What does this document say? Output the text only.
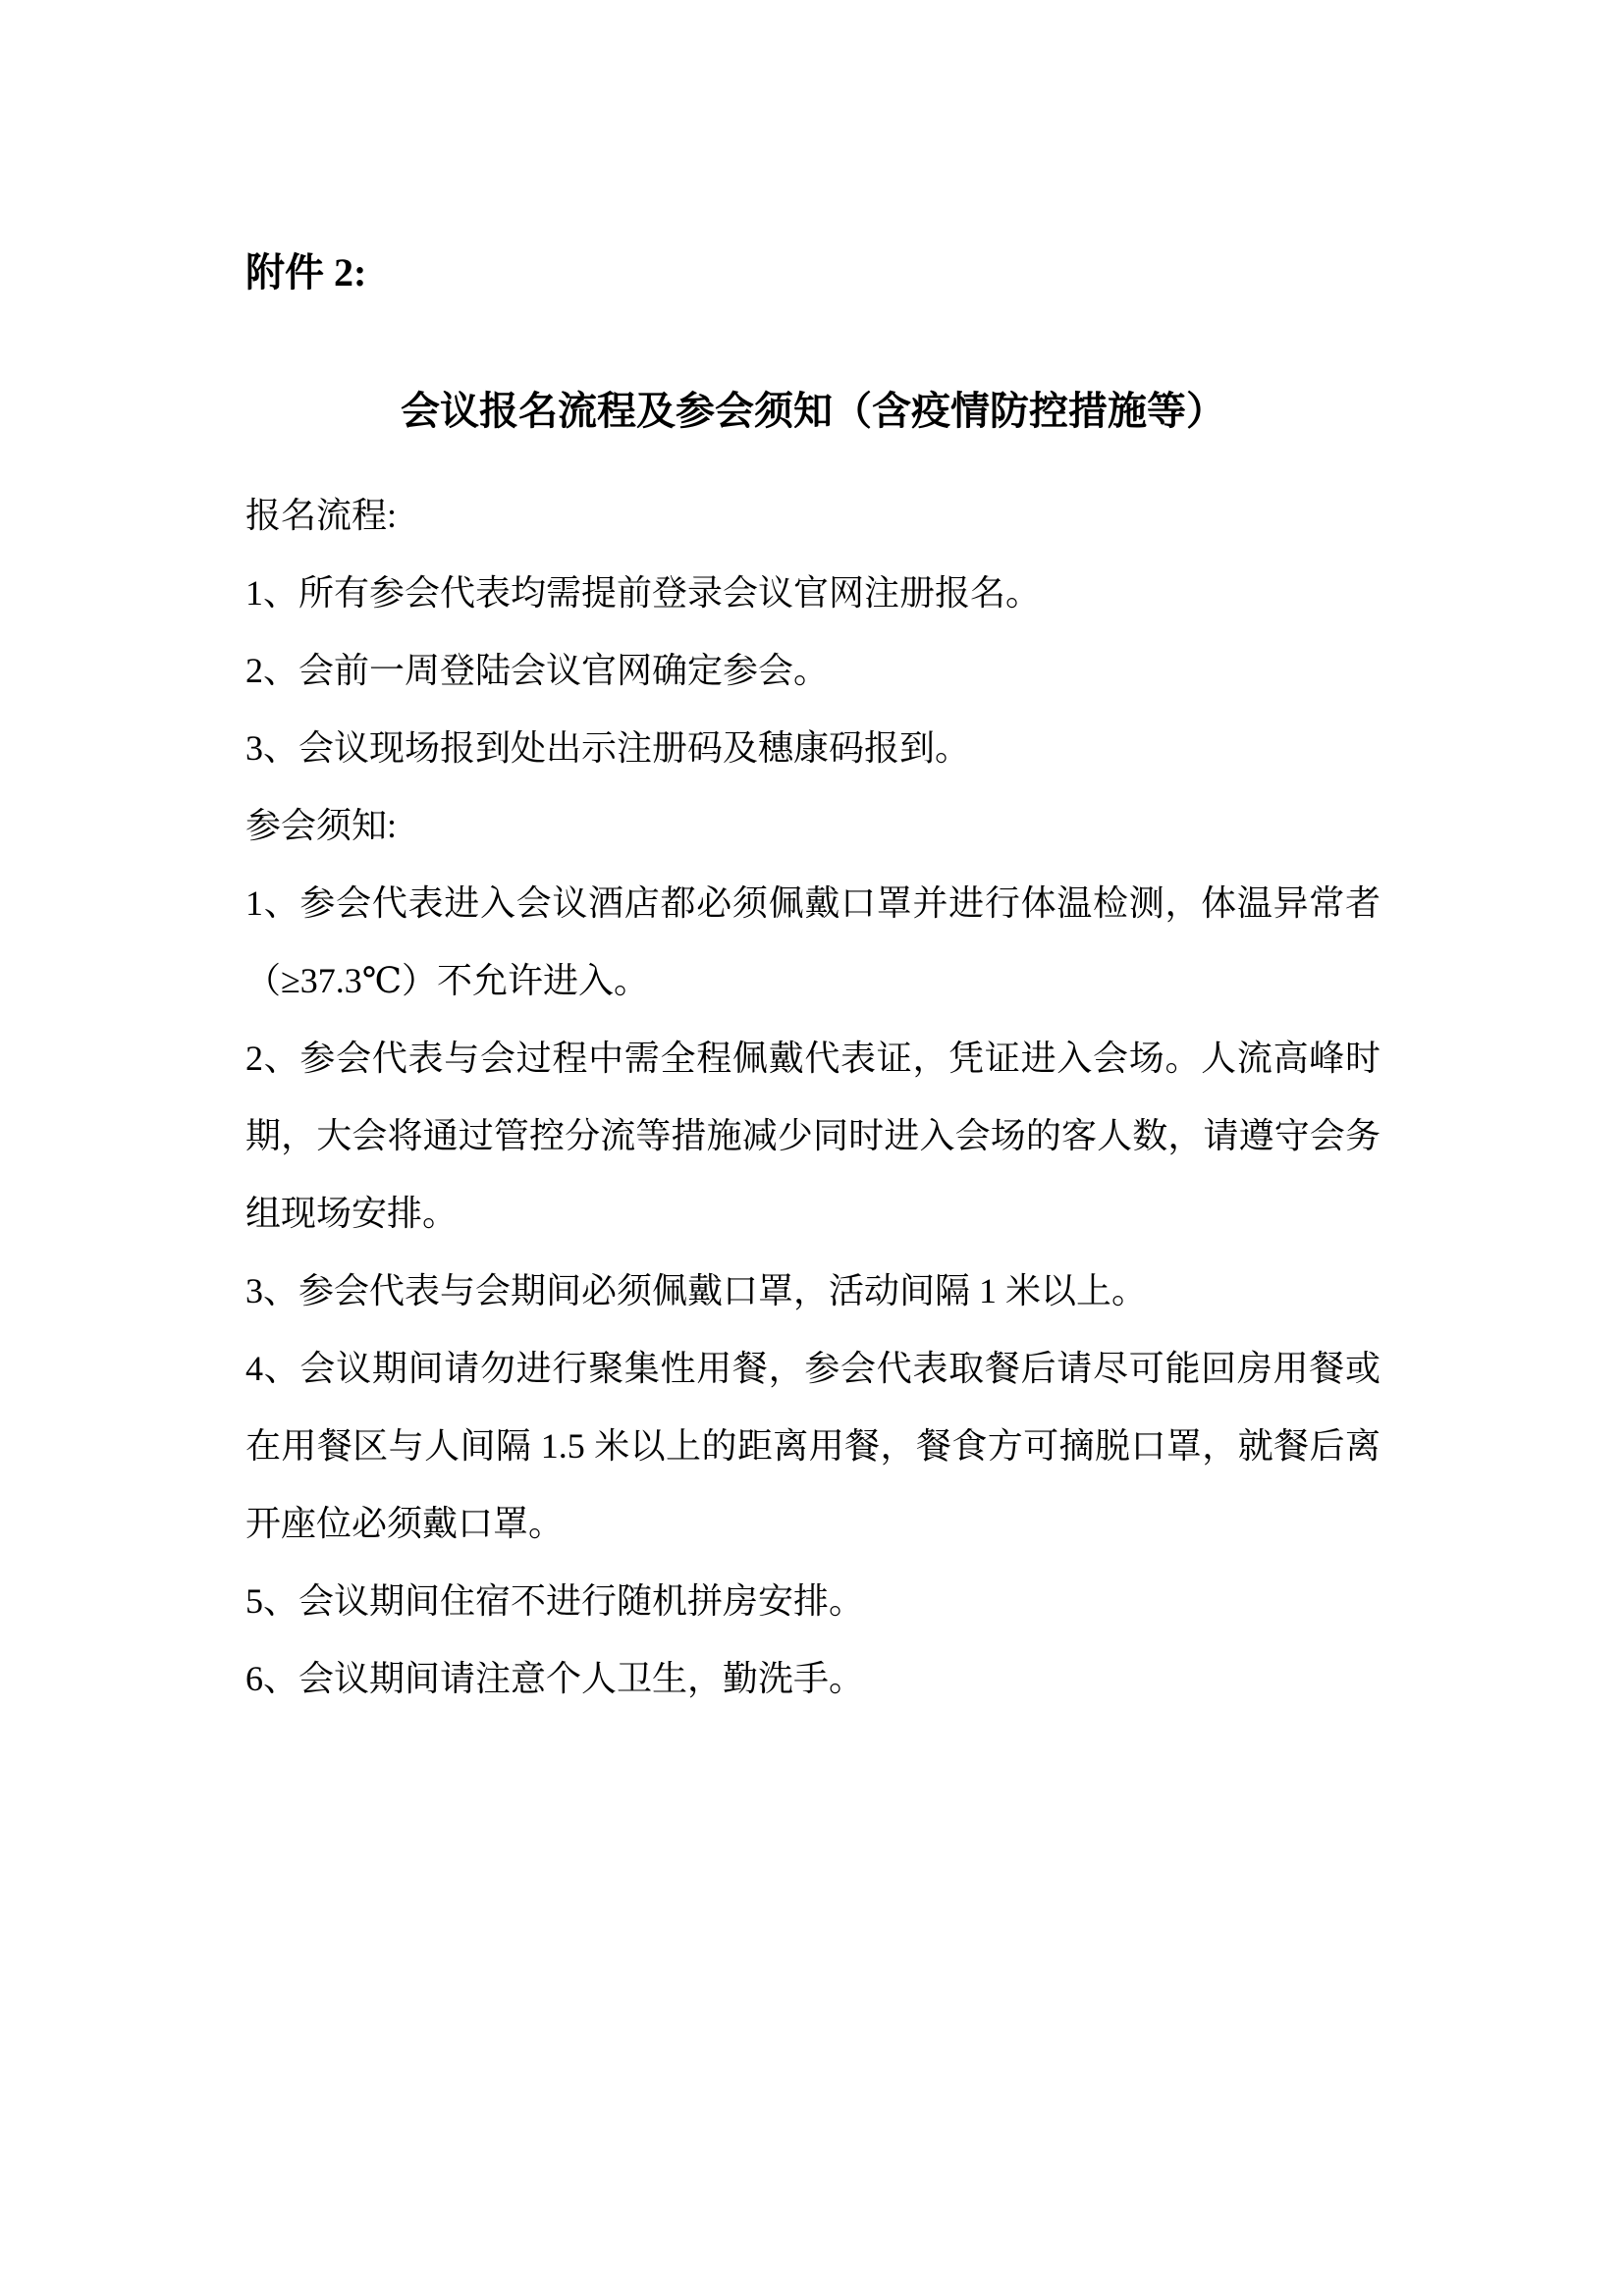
附件 2:
会议报名流程及参会须知（含疫情防控措施等）

报名流程:

1、所有参会代表均需提前登录会议官网注册报名。

2、会前一周登陆会议官网确定参会。

3、会议现场报到处出示注册码及穗康码报到。

参会须知:

1、参会代表进入会议酒店都必须佩戴口罩并进行体温检测，体温异常者（≥37.3℃）不允许进入。

2、参会代表与会过程中需全程佩戴代表证，凭证进入会场。人流高峰时期，大会将通过管控分流等措施减少同时进入会场的客人数，请遵守会务组现场安排。

3、参会代表与会期间必须佩戴口罩，活动间隔 1 米以上。

4、会议期间请勿进行聚集性用餐，参会代表取餐后请尽可能回房用餐或在用餐区与人间隔 1.5 米以上的距离用餐，餐食方可摘脱口罩，就餐后离开座位必须戴口罩。

5、会议期间住宿不进行随机拼房安排。

6、会议期间请注意个人卫生，勤洗手。
